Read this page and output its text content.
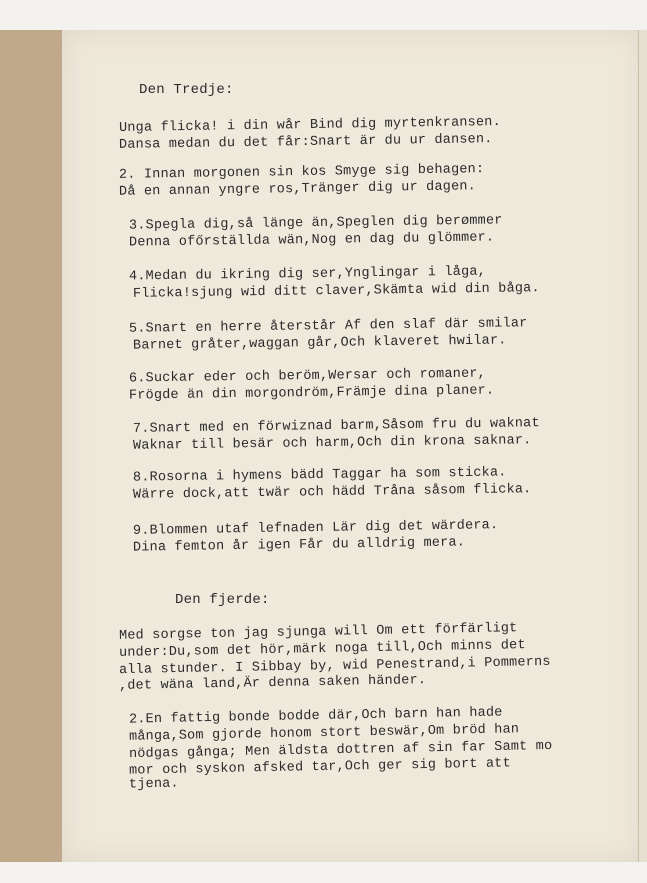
Den Tredje:
Unga flicka! i din wår Bind dig myrtenkransen.
Dansa medan du det får:Snart är du ur dansen.
2. Innan morgonen sin kos Smyge sig behagen:
Då en annan yngre ros,Tränger dig ur dagen.
3.Spegla dig,så länge än,Speglen dig berømmer
Denna ofőrställda wän,Nog en dag du glömmer.
4.Medan du ikring dig ser,Ynglingar i låga,
Flicka!sjung wid ditt claver,Skämta wid din båga.
5.Snart en herre återstår Af den slaf där smilar
Barnet gråter,waggan går,Och klaveret hwilar.
6.Suckar eder och beröm,Wersar och romaner,
Frögde än din morgondröm,Främje dina planer.
7.Snart med en förwiznad barm,Såsom fru du waknat
Waknar till besär och harm,Och din krona saknar.
8.Rosorna i hymens bädd Taggar ha som sticka.
Wärre dock,att twär och hädd Tråna såsom flicka.
9.Blommen utaf lefnaden Lär dig det wärdera.
Dina femton år igen Får du alldrig mera.
Den fjerde:
Med sorgse ton jag sjunga will Om ett förfärligt
under:Du,som det hör,märk noga till,Och minns det
alla stunder. I Sibbay by, wid Penestrand,i Pommerns
,det wäna land,Är denna saken händer.
2.En fattig bonde bodde där,Och barn han hade
många,Som gjorde honom stort beswär,Om bröd han
nödgas gånga; Men äldsta dottren af sin far Samt mo
mor och syskon afsked tar,Och ger sig bort att
tjena.
